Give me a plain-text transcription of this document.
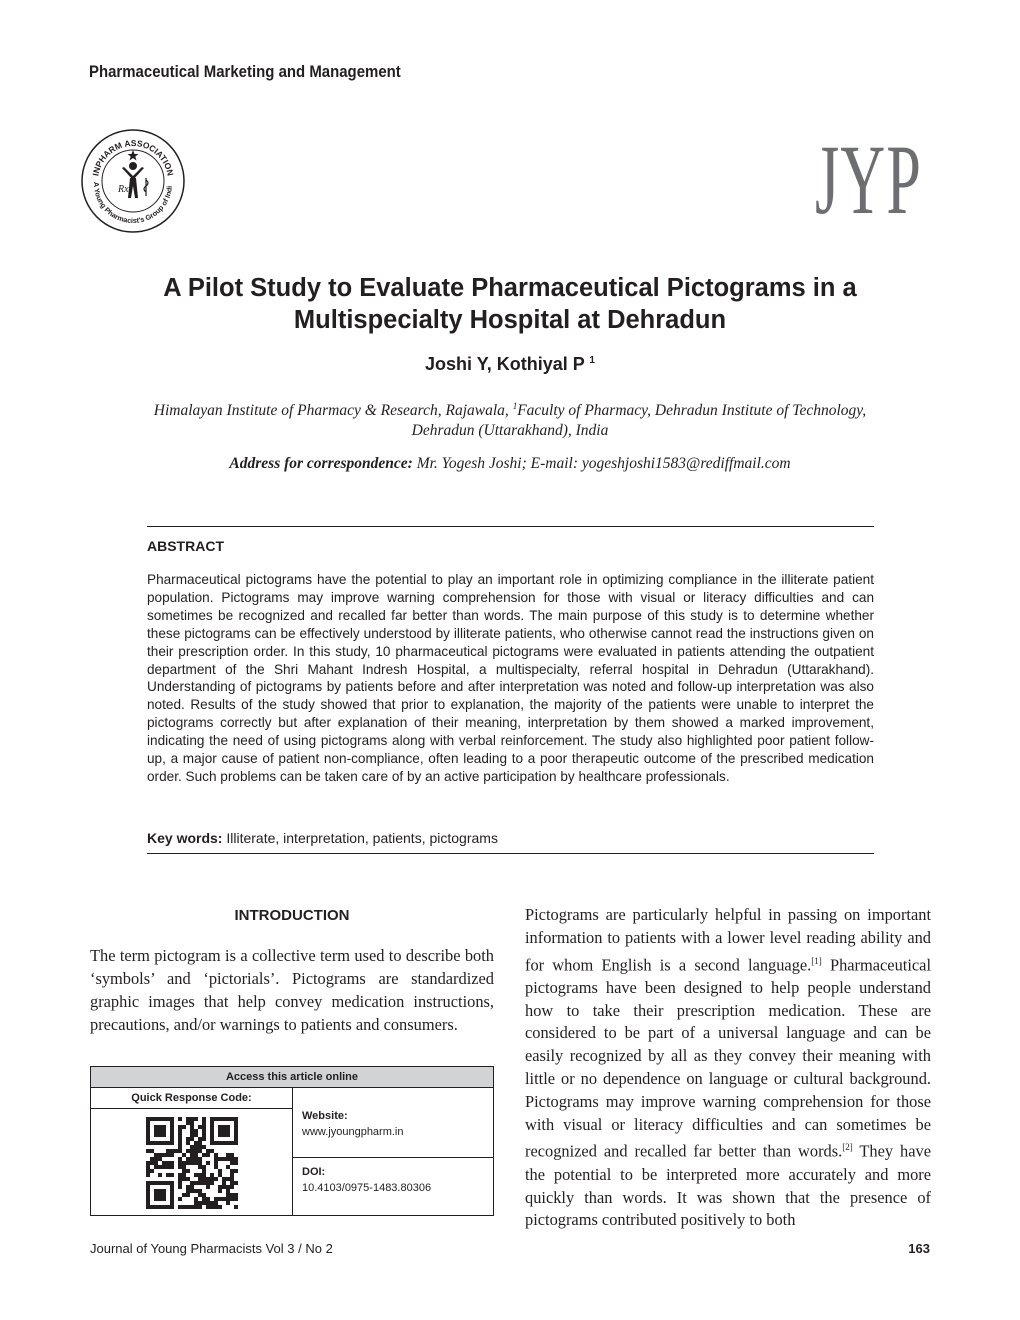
Pharmaceutical Marketing and Management
INPHARM ASSOCIATION
A Young Pharmacist's Group of Indi
Rx	JYP
A Pilot Study to Evaluate Pharmaceutical Pictograms in a Multispecialty Hospital at Dehradun
Joshi Y, Kothiyal P $^1$
Himalayan Institute of Pharmacy & Research, Rajawala, $^1$Faculty of Pharmacy, Dehradun Institute of Technology, Dehradun (Uttarakhand), India
Address for correspondence: Mr. Yogesh Joshi; E-mail: yogeshjoshi1583@rediffmail.com
ABSTRACT
Pharmaceutical pictograms have the potential to play an important role in optimizing compliance in the illiterate patient population. Pictograms may improve warning comprehension for those with visual or literacy difficulties and can sometimes be recognized and recalled far better than words. The main purpose of this study is to determine whether these pictograms can be effectively understood by illiterate patients, who otherwise cannot read the instructions given on their prescription order. In this study, 10 pharmaceutical pictograms were evaluated in patients attending the outpatient department of the Shri Mahant Indresh Hospital, a multispecialty, referral hospital in Dehradun (Uttarakhand). Understanding of pictograms by patients before and after interpretation was noted and follow-up interpretation was also noted. Results of the study showed that prior to explanation, the majority of the patients were unable to interpret the pictograms correctly but after explanation of their meaning, interpretation by them showed a marked improvement, indicating the need of using pictograms along with verbal reinforcement. The study also highlighted poor patient follow-up, a major cause of patient non-compliance, often leading to a poor therapeutic outcome of the prescribed medication order. Such problems can be taken care of by an active participation by healthcare professionals.
Key words: Illiterate, interpretation, patients, pictograms
INTRODUCTION
The term pictogram is a collective term used to describe both ‘symbols’ and ‘pictorials’. Pictograms are standardized graphic images that help convey medication instructions, precautions, and/or warnings to patients and consumers.
Access this article online
Quick Response Code:
Website:
www.jyoungpharm.in
DOI:
10.4103/0975-1483.80306
Pictograms are particularly helpful in passing on important information to patients with a lower level reading ability and for whom English is a second language.[1] Pharmaceutical pictograms have been designed to help people understand how to take their prescription medication. These are considered to be part of a universal language and can be easily recognized by all as they convey their meaning with little or no dependence on language or cultural background. Pictograms may improve warning comprehension for those with visual or literacy difficulties and can sometimes be recognized and recalled far better than words.[2] They have the potential to be interpreted more accurately and more quickly than words. It was shown that the presence of pictograms contributed positively to both
Journal of Young Pharmacists Vol 3 / No 2	163
